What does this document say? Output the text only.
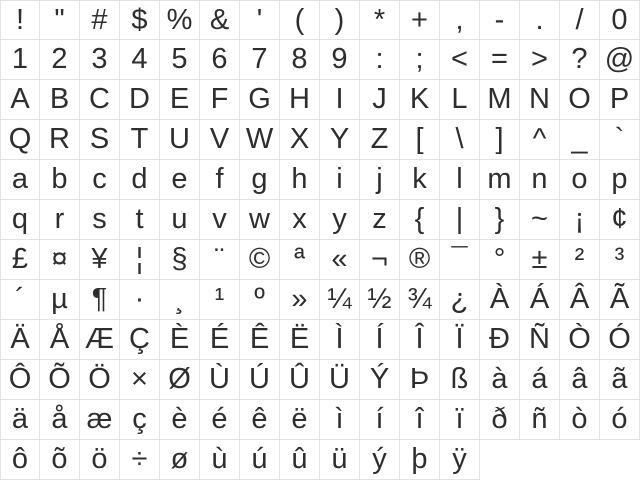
!	" # $ % & '	(	)	* + ,	-	.	/ 0
1 2 3 4 5 6 7 8 9 :	; < = > ? @
A B C D E F G H I J K L M N O P
Q R S T U V W X Y Z [	\	]	^ _ `
a b c d e f g h i	j	k	l m n o p
q r s t u v w x y z {	|	} ~ ¡ ¢
£ ¤ ¥ ¦ § ¨ © ª « ¬ ® ¯ ° ± ²	³
´ µ ¶ ·	¸	¹	º » ¼ ½ ¾ ¿ À Á Â Ã
Ä Å Æ Ç È É Ê Ë Ì	Í	Î	Ï Ð Ñ Ò Ó
Ô Õ Ö × Ø Ù Ú Û Ü Ý Þ ß à á â ã
ä å æ ç è é ê ë ì	í	î	ï ð ñ ò ó
ô õ ö ÷ ø ù ú û ü ý þ ÿ
